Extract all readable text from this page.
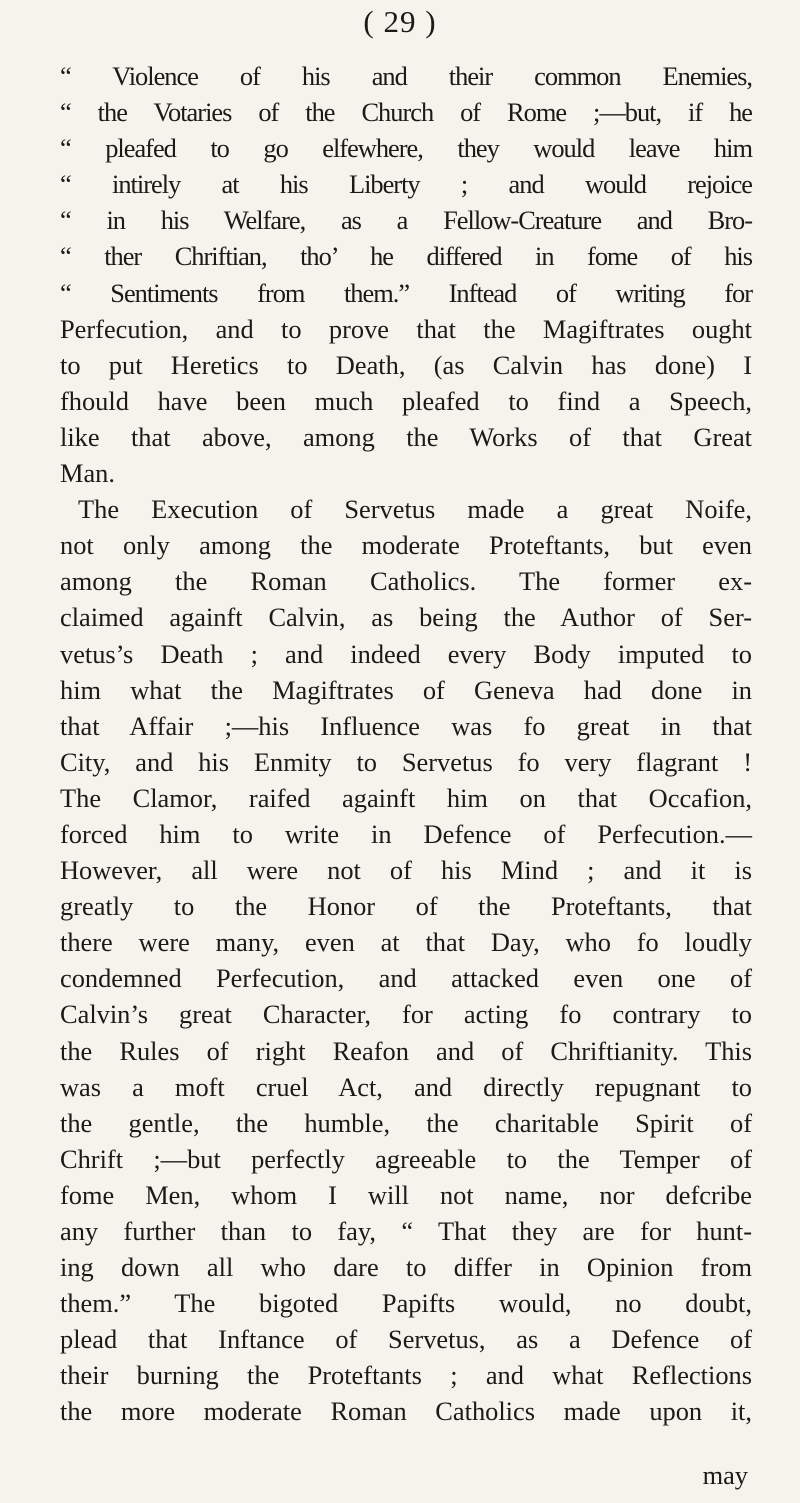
( 29 )
“ Violence of his and their common Enemies,
“ the Votaries of the Church of Rome ;—but, if he
“ pleafed to go elfewhere, they would leave him
“ intirely at his Liberty ; and would rejoice
“ in his Welfare, as a Fellow-Creature and Bro-
“ ther Chriftian, tho’ he differed in fome of his
“ Sentiments from them.” Inftead of writing for
Perfecution, and to prove that the Magiftrates ought
to put Heretics to Death, (as Calvin has done) I
fhould have been much pleafed to find a Speech,
like that above, among the Works of that Great
Man.
The Execution of Servetus made a great Noife,
not only among the moderate Proteftants, but even
among the Roman Catholics. The former ex-
claimed againft Calvin, as being the Author of Ser-
vetus’s Death ; and indeed every Body imputed to
him what the Magiftrates of Geneva had done in
that Affair ;—his Influence was fo great in that
City, and his Enmity to Servetus fo very flagrant !
The Clamor, raifed againft him on that Occafion,
forced him to write in Defence of Perfecution.—
However, all were not of his Mind ; and it is
greatly to the Honor of the Proteftants, that
there were many, even at that Day, who fo loudly
condemned Perfecution, and attacked even one of
Calvin’s great Character, for acting fo contrary to
the Rules of right Reafon and of Chriftianity. This
was a moft cruel Act, and directly repugnant to
the gentle, the humble, the charitable Spirit of
Chrift ;—but perfectly agreeable to the Temper of
fome Men, whom I will not name, nor defcribe
any further than to fay, “ That they are for hunt-
ing down all who dare to differ in Opinion from
them.” The bigoted Papifts would, no doubt,
plead that Inftance of Servetus, as a Defence of
their burning the Proteftants ; and what Reflections
the more moderate Roman Catholics made upon it,
may
